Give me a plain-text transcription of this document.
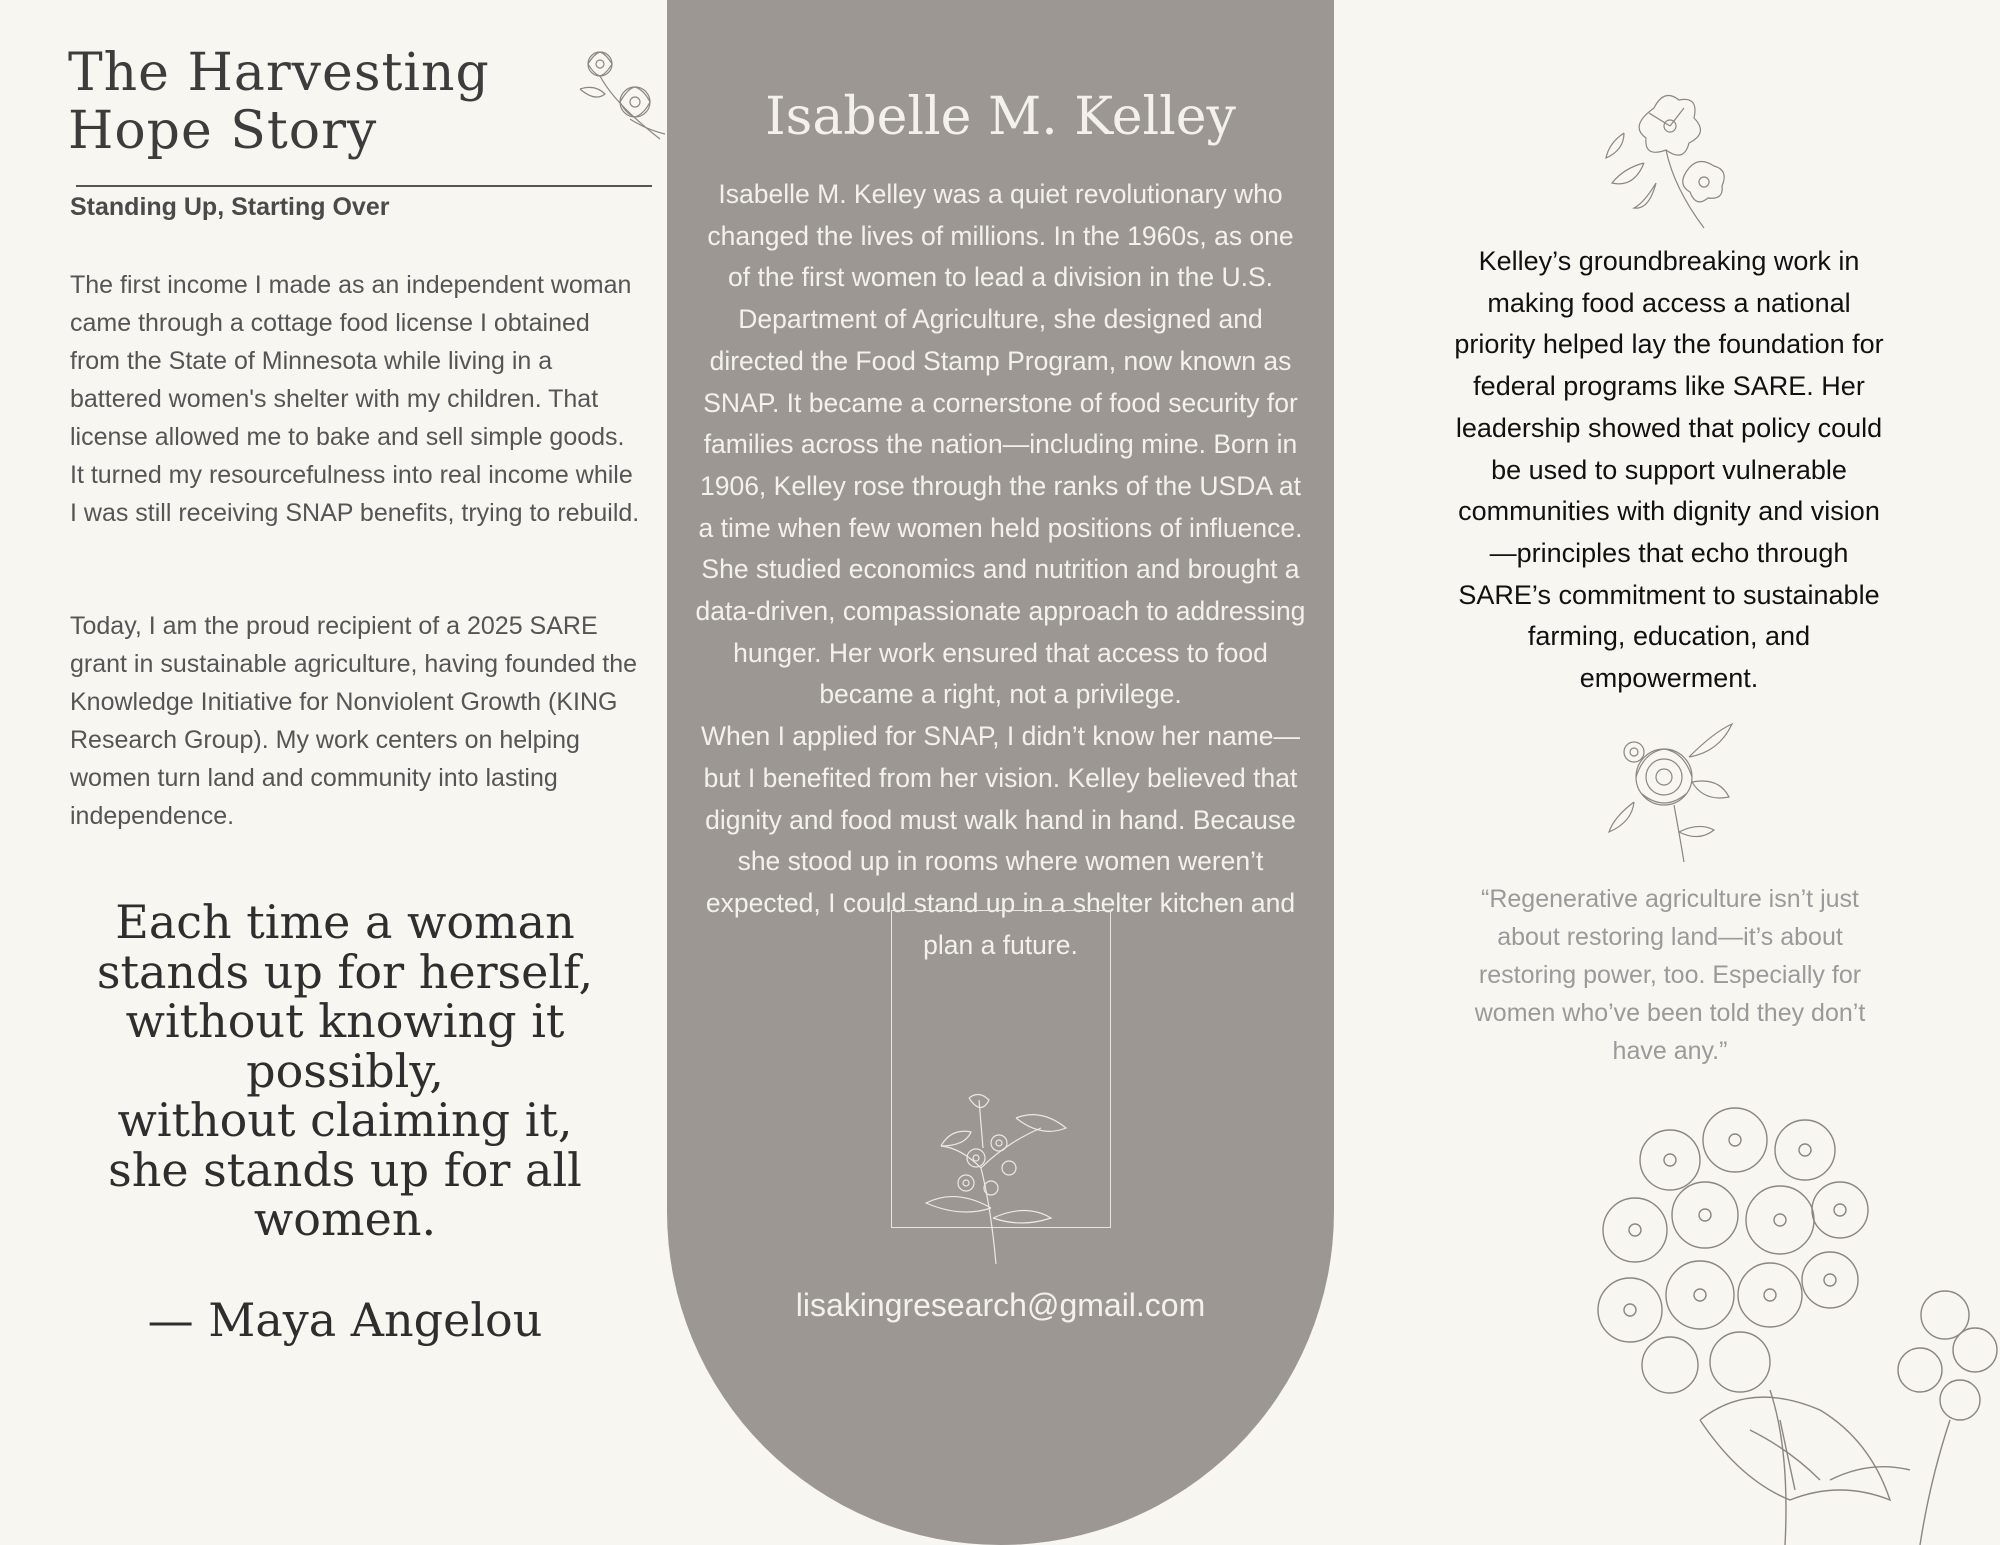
The Harvesting Hope Story

Standing Up, Starting Over

The first income I made as an independent woman came through a cottage food license I obtained from the State of Minnesota while living in a battered women's shelter with my children. That license allowed me to bake and sell simple goods. It turned my resourcefulness into real income while I was still receiving SNAP benefits, trying to rebuild.

Today, I am the proud recipient of a 2025 SARE grant in sustainable agriculture, having founded the Knowledge Initiative for Nonviolent Growth (KING Research Group). My work centers on helping women turn land and community into lasting independence.

Each time a woman
stands up for herself,
without knowing it
possibly,
without claiming it,
she stands up for all
women.

— Maya Angelou

Isabelle M. Kelley

Isabelle M. Kelley was a quiet revolutionary who changed the lives of millions. In the 1960s, as one of the first women to lead a division in the U.S. Department of Agriculture, she designed and directed the Food Stamp Program, now known as SNAP. It became a cornerstone of food security for families across the nation—including mine. Born in 1906, Kelley rose through the ranks of the USDA at a time when few women held positions of influence. She studied economics and nutrition and brought a data-driven, compassionate approach to addressing hunger. Her work ensured that access to food became a right, not a privilege.

When I applied for SNAP, I didn’t know her name—but I benefited from her vision. Kelley believed that dignity and food must walk hand in hand. Because she stood up in rooms where women weren’t expected, I could stand up in a shelter kitchen and plan a future.

lisakingresearch@gmail.com

Kelley’s groundbreaking work in making food access a national priority helped lay the foundation for federal programs like SARE. Her leadership showed that policy could be used to support vulnerable communities with dignity and vision —principles that echo through SARE’s commitment to sustainable farming, education, and empowerment.

“Regenerative agriculture isn’t just about restoring land—it’s about restoring power, too. Especially for women who’ve been told they don’t have any.”
